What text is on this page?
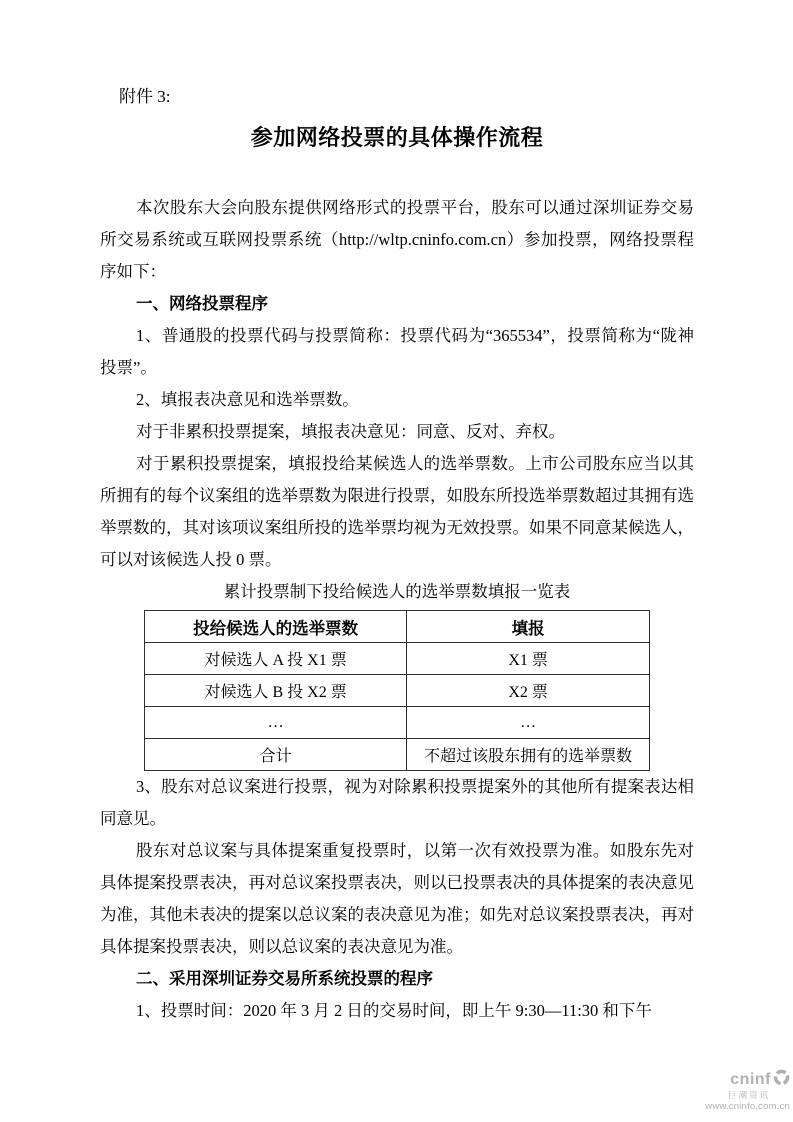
附件 3:
参加网络投票的具体操作流程

本次股东大会向股东提供网络形式的投票平台，股东可以通过深圳证券交易所交易系统或互联网投票系统（http://wltp.cninfo.com.cn）参加投票，网络投票程序如下：

一、网络投票程序

1、普通股的投票代码与投票简称：投票代码为“365534”，投票简称为“陇神投票”。

2、填报表决意见和选举票数。

对于非累积投票提案，填报表决意见：同意、反对、弃权。

对于累积投票提案，填报投给某候选人的选举票数。上市公司股东应当以其所拥有的每个议案组的选举票数为限进行投票，如股东所投选举票数超过其拥有选举票数的，其对该项议案组所投的选举票均视为无效投票。如果不同意某候选人，可以对该候选人投 0 票。

累计投票制下投给候选人的选举票数填报一览表
投给候选人的选举票数	填报
对候选人 A 投 X1 票	X1 票
对候选人 B 投 X2 票	X2 票
…	…
合计	不超过该股东拥有的选举票数

3、股东对总议案进行投票，视为对除累积投票提案外的其他所有提案表达相同意见。

股东对总议案与具体提案重复投票时，以第一次有效投票为准。如股东先对具体提案投票表决，再对总议案投票表决，则以已投票表决的具体提案的表决意见为准，其他未表决的提案以总议案的表决意见为准；如先对总议案投票表决，再对具体提案投票表决，则以总议案的表决意见为准。

二、采用深圳证券交易所系统投票的程序

1、投票时间：2020 年 3 月 2 日的交易时间，即上午 9:30—11:30 和下午

cninf
巨潮资讯
www.cninfo.com.cn
